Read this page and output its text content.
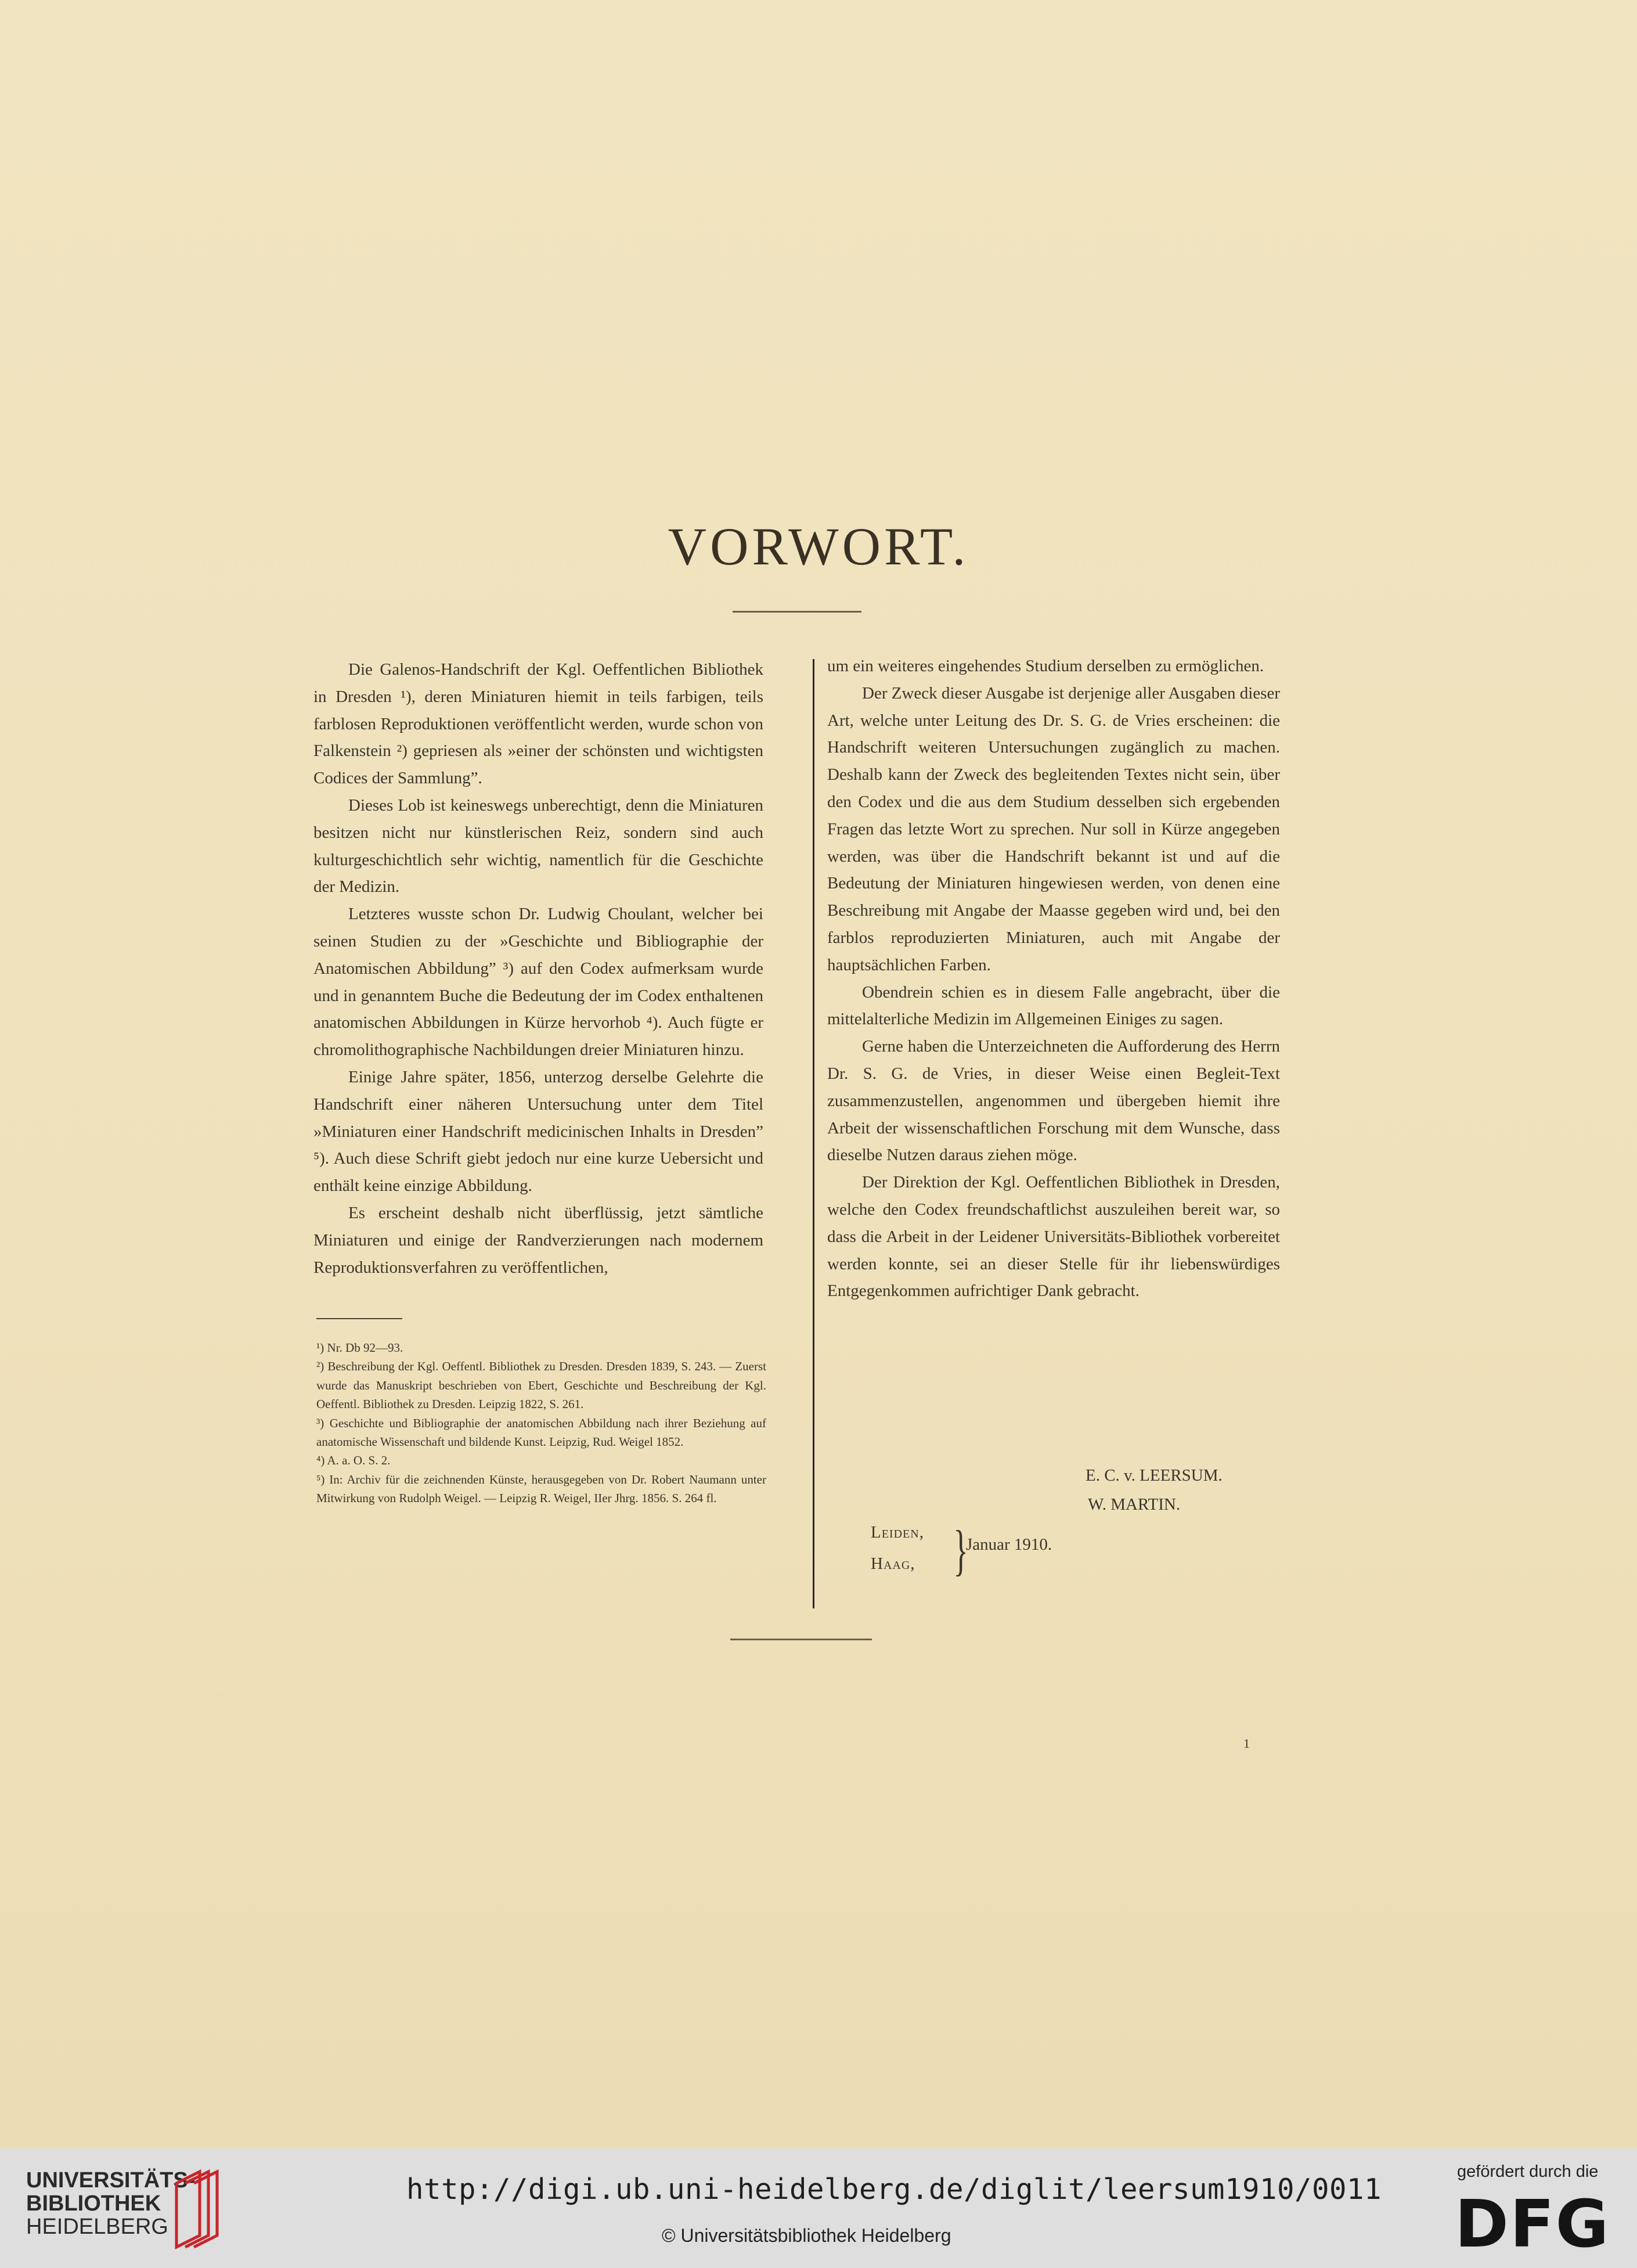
VORWORT.

Die Galenos-Handschrift der Kgl. Oeffentlichen Bibliothek in Dresden ¹), deren Miniaturen hiemit in teils farbigen, teils farblosen Reproduktionen veröffentlicht werden, wurde schon von Falkenstein ²) gepriesen als »einer der schönsten und wichtigsten Codices der Sammlung”.

Dieses Lob ist keineswegs unberechtigt, denn die Miniaturen besitzen nicht nur künstlerischen Reiz, sondern sind auch kulturgeschichtlich sehr wichtig, namentlich für die Geschichte der Medizin.

Letzteres wusste schon Dr. Ludwig Choulant, welcher bei seinen Studien zu der »Geschichte und Bibliographie der Anatomischen Abbildung” ³) auf den Codex aufmerksam wurde und in genanntem Buche die Bedeutung der im Codex enthaltenen anatomischen Abbildungen in Kürze hervorhob ⁴). Auch fügte er chromolithographische Nachbildungen dreier Miniaturen hinzu.

Einige Jahre später, 1856, unterzog derselbe Gelehrte die Handschrift einer näheren Untersuchung unter dem Titel »Miniaturen einer Handschrift medicinischen Inhalts in Dresden” ⁵). Auch diese Schrift giebt jedoch nur eine kurze Uebersicht und enthält keine einzige Abbildung.

Es erscheint deshalb nicht überflüssig, jetzt sämtliche Miniaturen und einige der Randverzierungen nach modernem Reproduktionsverfahren zu veröffentlichen,

¹) Nr. Db 92—93.

²) Beschreibung der Kgl. Oeffentl. Bibliothek zu Dresden. Dresden 1839, S. 243. — Zuerst wurde das Manuskript beschrieben von Ebert, Geschichte und Beschreibung der Kgl. Oeffentl. Bibliothek zu Dresden. Leipzig 1822, S. 261.

³) Geschichte und Bibliographie der anatomischen Abbildung nach ihrer Beziehung auf anatomische Wissenschaft und bildende Kunst. Leipzig, Rud. Weigel 1852.

⁴) A. a. O. S. 2.

⁵) In: Archiv für die zeichnenden Künste, herausgegeben von Dr. Robert Naumann unter Mitwirkung von Rudolph Weigel. — Leipzig R. Weigel, IIer Jhrg. 1856. S. 264 fl.

um ein weiteres eingehendes Studium derselben zu ermöglichen.

Der Zweck dieser Ausgabe ist derjenige aller Ausgaben dieser Art, welche unter Leitung des Dr. S. G. de Vries erscheinen: die Handschrift weiteren Untersuchungen zugänglich zu machen. Deshalb kann der Zweck des begleitenden Textes nicht sein, über den Codex und die aus dem Studium desselben sich ergebenden Fragen das letzte Wort zu sprechen. Nur soll in Kürze angegeben werden, was über die Handschrift bekannt ist und auf die Bedeutung der Miniaturen hingewiesen werden, von denen eine Beschreibung mit Angabe der Maasse gegeben wird und, bei den farblos reproduzierten Miniaturen, auch mit Angabe der hauptsächlichen Farben.

Obendrein schien es in diesem Falle angebracht, über die mittelalterliche Medizin im Allgemeinen Einiges zu sagen.

Gerne haben die Unterzeichneten die Aufforderung des Herrn Dr. S. G. de Vries, in dieser Weise einen Begleit-Text zusammenzustellen, angenommen und übergeben hiemit ihre Arbeit der wissenschaftlichen Forschung mit dem Wunsche, dass dieselbe Nutzen daraus ziehen möge.

Der Direktion der Kgl. Oeffentlichen Bibliothek in Dresden, welche den Codex freundschaftlichst auszuleihen bereit war, so dass die Arbeit in der Leidener Universitäts-Bibliothek vorbereitet werden konnte, sei an dieser Stelle für ihr liebenswürdiges Entgegenkommen aufrichtiger Dank gebracht.

E. C. v. LEERSUM.
W. MARTIN.
Leiden,
Haag, }
Januar 1910.
1
UNIVERSITÄTS-
BIBLIOTHEK
HEIDELBERG
http://digi.ub.uni-heidelberg.de/diglit/leersum1910/0011
© Universitätsbibliothek Heidelberg
gefördert durch die
DFG
